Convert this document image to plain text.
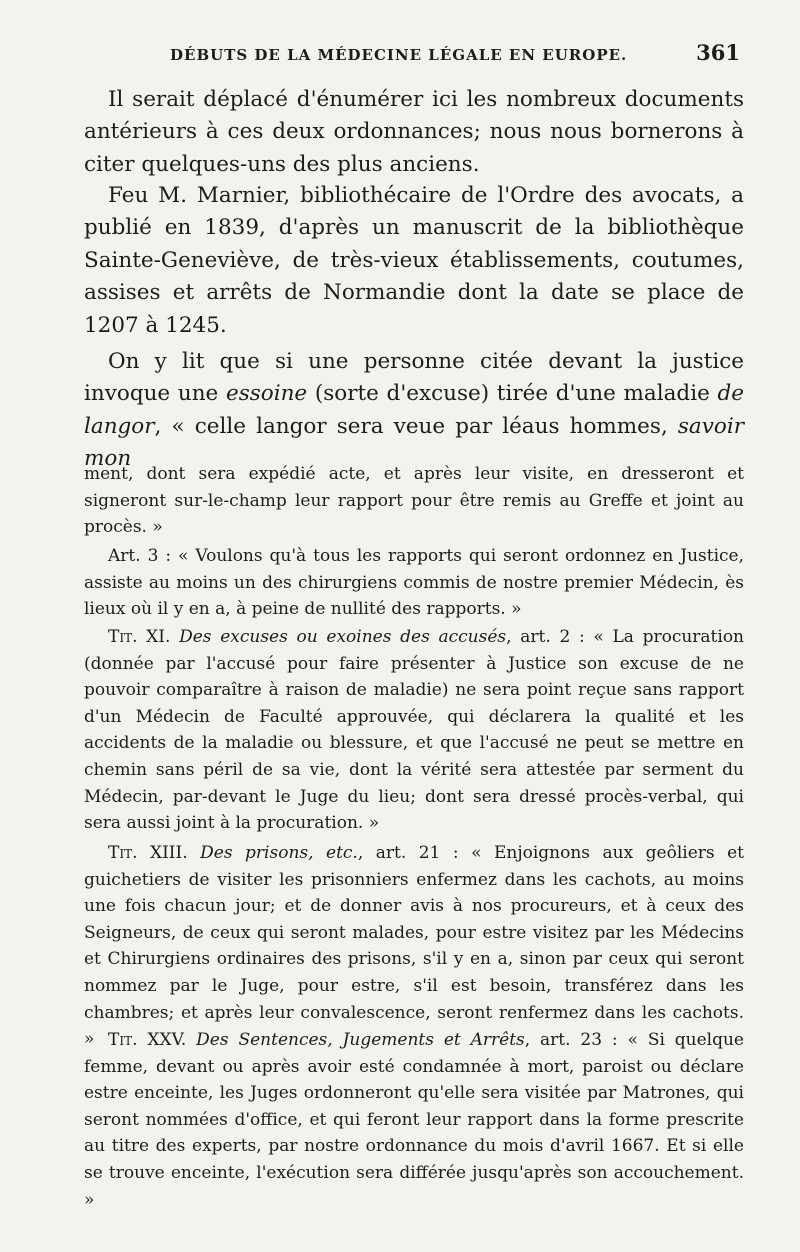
DÉBUTS DE LA MÉDECINE LÉGALE EN EUROPE.	361

Il serait déplacé d'énumérer ici les nombreux documents antérieurs à ces deux ordonnances; nous nous bornerons à citer quelques-uns des plus anciens.

Feu M. Marnier, bibliothécaire de l'Ordre des avocats, a publié en 1839, d'après un manuscrit de la bibliothèque Sainte-Geneviève, de très-vieux établissements, coutumes, assises et arrêts de Normandie dont la date se place de 1207 à 1245.

On y lit que si une personne citée devant la justice invoque une essoine (sorte d'excuse) tirée d'une maladie de langor, « celle langor sera veue par léaus hommes, savoir mon

ment, dont sera expédié acte, et après leur visite, en dresseront et signeront sur-le-champ leur rapport pour être remis au Greffe et joint au procès. »

Art. 3 : « Voulons qu'à tous les rapports qui seront ordonnez en Justice, assiste au moins un des chirurgiens commis de nostre premier Médecin, ès lieux où il y en a, à peine de nullité des rapports. »

Tit. XI. Des excuses ou exoines des accusés, art. 2 : « La procuration (donnée par l'accusé pour faire présenter à Justice son excuse de ne pouvoir comparaître à raison de maladie) ne sera point reçue sans rapport d'un Médecin de Faculté approuvée, qui déclarera la qualité et les accidents de la maladie ou blessure, et que l'accusé ne peut se mettre en chemin sans péril de sa vie, dont la vérité sera attestée par serment du Médecin, par-devant le Juge du lieu; dont sera dressé procès-verbal, qui sera aussi joint à la procuration. »

Tit. XIII. Des prisons, etc., art. 21 : « Enjoignons aux geôliers et guichetiers de visiter les prisonniers enfermez dans les cachots, au moins une fois chacun jour; et de donner avis à nos procureurs, et à ceux des Seigneurs, de ceux qui seront malades, pour estre visitez par les Médecins et Chirurgiens ordinaires des prisons, s'il y en a, sinon par ceux qui seront nommez par le Juge, pour estre, s'il est besoin, transférez dans les chambres; et après leur convalescence, seront renfermez dans les cachots. » Tit. XXV. Des Sentences, Jugements et Arrêts, art. 23 : « Si quelque femme, devant ou après avoir esté condamnée à mort, paroist ou déclare estre enceinte, les Juges ordonneront qu'elle sera visitée par Matrones, qui seront nommées d'office, et qui feront leur rapport dans la forme prescrite au titre des experts, par nostre ordonnance du mois d'avril 1667. Et si elle se trouve enceinte, l'exécution sera différée jusqu'après son accouchement. »
